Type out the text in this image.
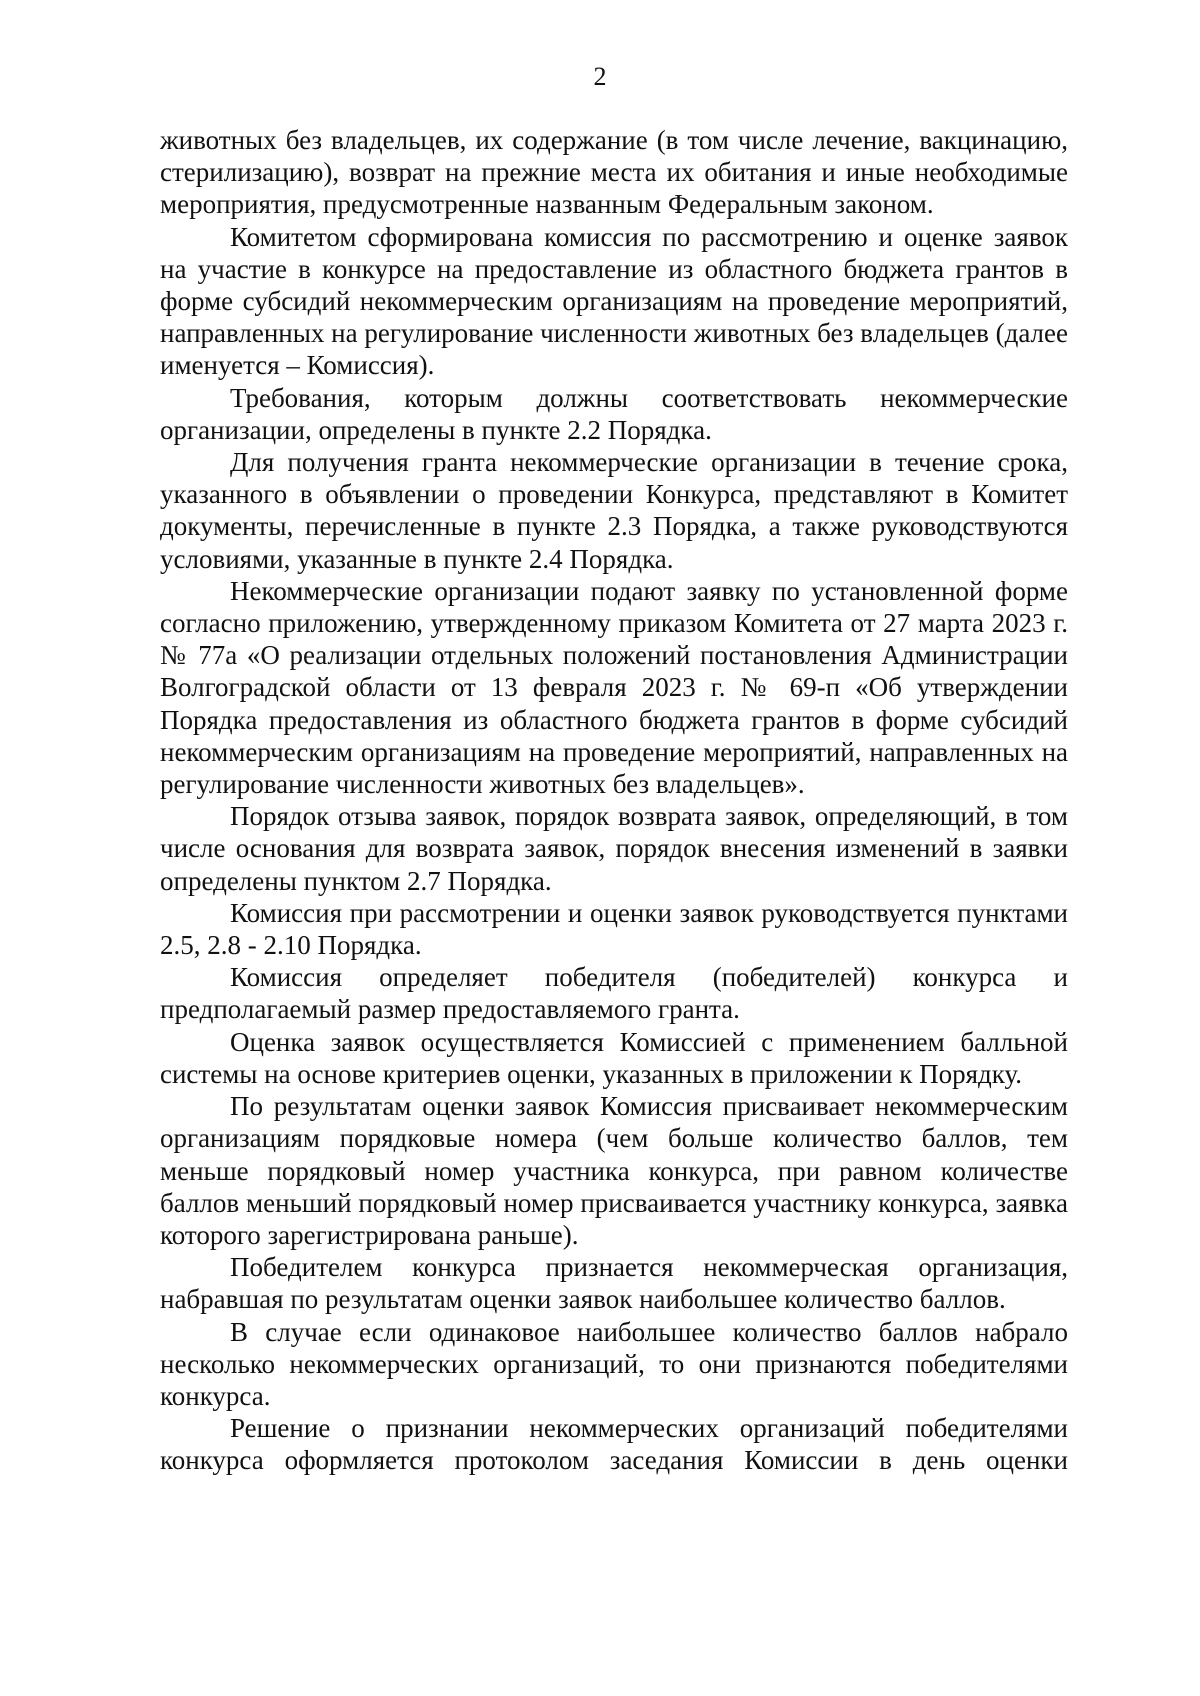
2

животных без владельцев, их содержание (в том числе лечение, вакцинацию, стерилизацию), возврат на прежние места их обитания и иные необходимые мероприятия, предусмотренные названным Федеральным законом.

Комитетом сформирована комиссия по рассмотрению и оценке заявок на участие в конкурсе на предоставление из областного бюджета грантов в форме субсидий некоммерческим организациям на проведение мероприятий, направленных на регулирование численности животных без владельцев (далее именуется – Комиссия).

Требования, которым должны соответствовать некоммерческие организации, определены в пункте 2.2 Порядка.

Для получения гранта некоммерческие организации в течение срока, указанного в объявлении о проведении Конкурса, представляют в Комитет документы, перечисленные в пункте 2.3 Порядка, а также руководствуются условиями, указанные в пункте 2.4 Порядка.

Некоммерческие организации подают заявку по установленной форме согласно приложению, утвержденному приказом Комитета от 27 марта 2023 г. № 77а «О реализации отдельных положений постановления Администрации Волгоградской области от 13 февраля 2023 г. № 69-п «Об утверждении Порядка предоставления из областного бюджета грантов в форме субсидий некоммерческим организациям на проведение мероприятий, направленных на регулирование численности животных без владельцев».

Порядок отзыва заявок, порядок возврата заявок, определяющий, в том числе основания для возврата заявок, порядок внесения изменений в заявки определены пунктом 2.7 Порядка.

Комиссия при рассмотрении и оценки заявок руководствуется пунктами 2.5, 2.8 - 2.10 Порядка.

Комиссия определяет победителя (победителей) конкурса и предполагаемый размер предоставляемого гранта.

Оценка заявок осуществляется Комиссией с применением балльной системы на основе критериев оценки, указанных в приложении к Порядку.

По результатам оценки заявок Комиссия присваивает некоммерческим организациям порядковые номера (чем больше количество баллов, тем меньше порядковый номер участника конкурса, при равном количестве баллов меньший порядковый номер присваивается участнику конкурса, заявка которого зарегистрирована раньше).

Победителем конкурса признается некоммерческая организация, набравшая по результатам оценки заявок наибольшее количество баллов.

В случае если одинаковое наибольшее количество баллов набрало несколько некоммерческих организаций, то они признаются победителями конкурса.

Решение о признании некоммерческих организаций победителями конкурса оформляется протоколом заседания Комиссии в день оценки
